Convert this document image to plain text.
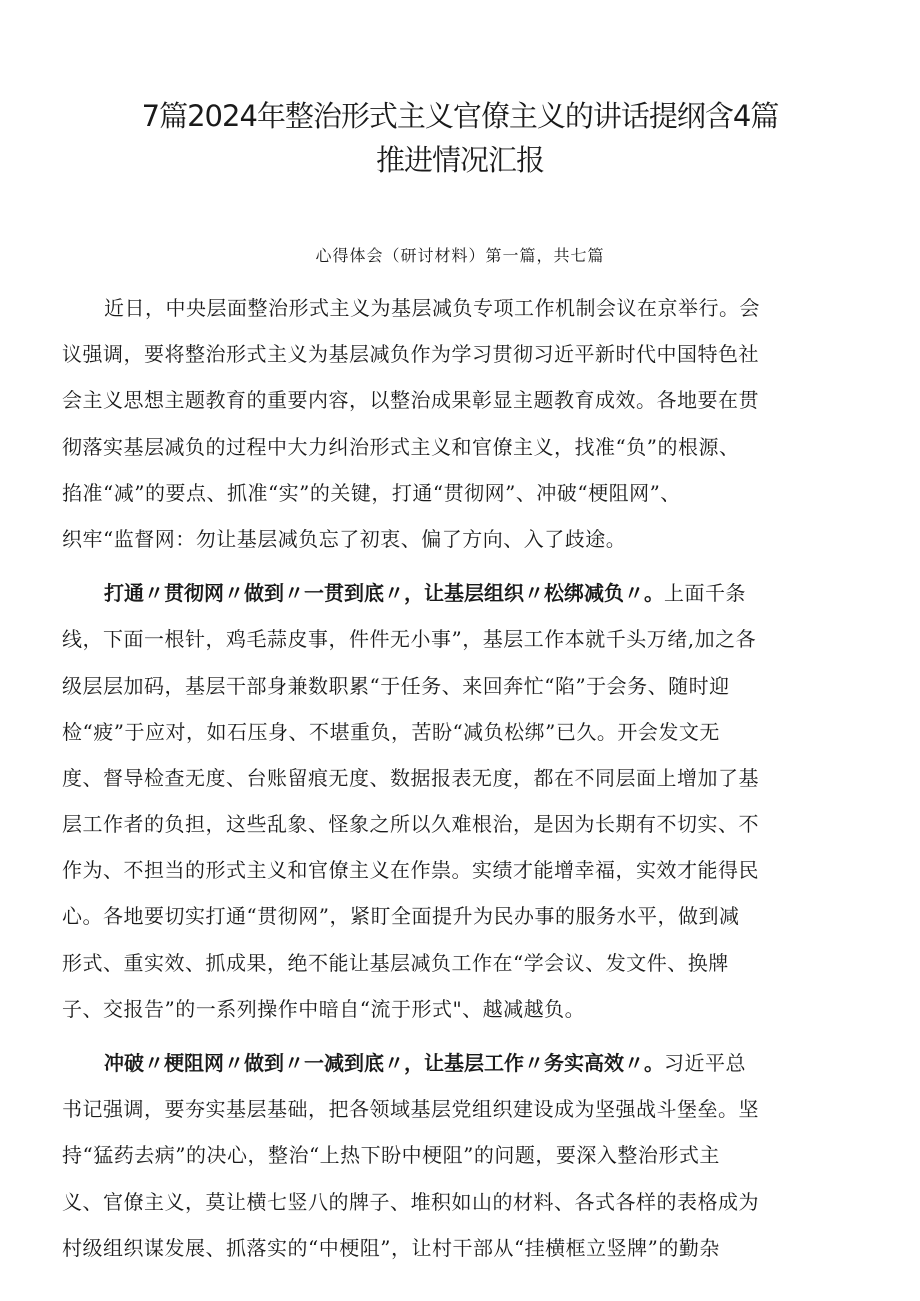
7篇2024年整治形式主义官僚主义的讲话提纲含4篇
推进情况汇报
心得体会（研讨材料）第一篇，共七篇
近日，中央层面整治形式主义为基层减负专项工作机制会议在京举行。会
议强调，要将整治形式主义为基层减负作为学习贯彻习近平新时代中国特色社
会主义思想主题教育的重要内容，以整治成果彰显主题教育成效。各地要在贯
彻落实基层减负的过程中大力纠治形式主义和官僚主义，找准“负”的根源、
掐准“减”的要点、抓准“实”的关键，打通“贯彻网”、冲破“梗阻网”、
织牢“监督网：勿让基层减负忘了初衷、偏了方向、入了歧途。
打通〃贯彻网〃做到〃一贯到底〃，让基层组织〃松绑减负〃。上面千条
线，下面一根针，鸡毛蒜皮事，件件无小事”，基层工作本就千头万绪,加之各
级层层加码，基层干部身兼数职累“于任务、来回奔忙“陷”于会务、随时迎
检“疲”于应对，如石压身、不堪重负，苦盼“减负松绑”已久。开会发文无
度、督导检查无度、台账留痕无度、数据报表无度，都在不同层面上增加了基
层工作者的负担，这些乱象、怪象之所以久难根治，是因为长期有不切实、不
作为、不担当的形式主义和官僚主义在作祟。实绩才能增幸福，实效才能得民
心。各地要切实打通“贯彻网”，紧盯全面提升为民办事的服务水平，做到减
形式、重实效、抓成果，绝不能让基层减负工作在“学会议、发文件、换牌
子、交报告”的一系列操作中暗自“流于形式"、越减越负。
冲破〃梗阻网〃做到〃一减到底〃，让基层工作〃务实高效〃。习近平总
书记强调，要夯实基层基础，把各领域基层党组织建设成为坚强战斗堡垒。坚
持“猛药去病”的决心，整治“上热下盼中梗阻”的问题，要深入整治形式主
义、官僚主义，莫让横七竖八的牌子、堆积如山的材料、各式各样的表格成为
村级组织谋发展、抓落实的“中梗阻”，让村干部从“挂横框立竖牌”的勤杂
